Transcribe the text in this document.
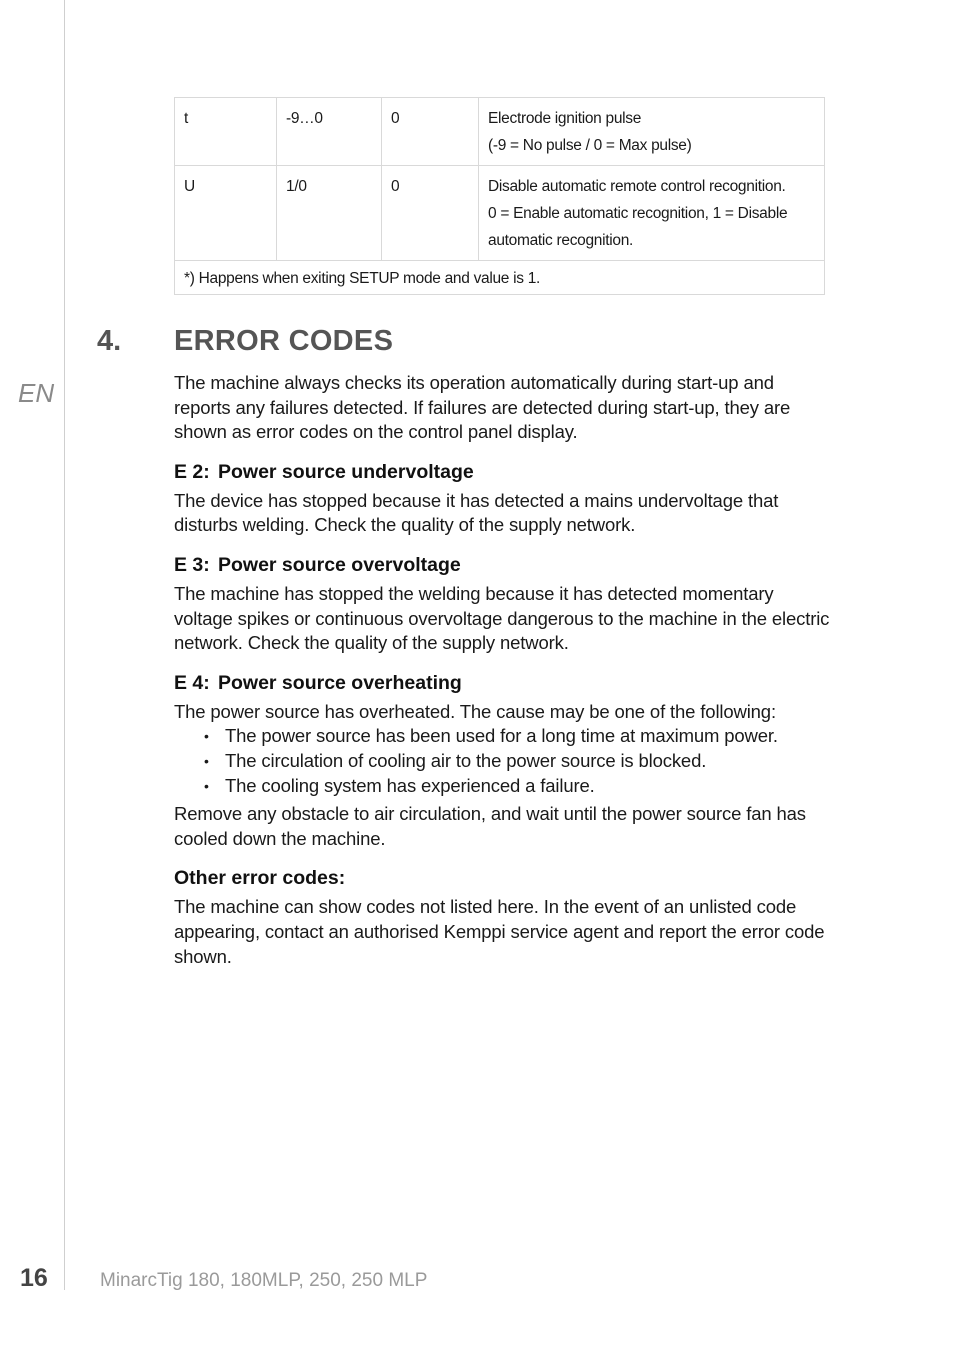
EN
t	-9…0	0	Electrode ignition pulse
(-9 = No pulse / 0 = Max pulse)

U	1/0	0	Disable automatic remote control recognition.
0 = Enable automatic recognition, 1 = Disable
automatic recognition.

*) Happens when exiting SETUP mode and value is 1.			
4. ERROR CODES

The machine always checks its operation automatically during start-up and reports any failures detected. If failures are detected during start-up, they are shown as error codes on the control panel display.

E 2: Power source undervoltage

The device has stopped because it has detected a mains undervoltage that disturbs welding. Check the quality of the supply network.

E 3: Power source overvoltage

The machine has stopped the welding because it has detected momentary voltage spikes or continuous overvoltage dangerous to the machine in the electric network. Check the quality of the supply network.

E 4: Power source overheating

The power source has overheated. The cause may be one of the following:

• The power source has been used for a long time at maximum power.
• The circulation of cooling air to the power source is blocked.
• The cooling system has experienced a failure.

Remove any obstacle to air circulation, and wait until the power source fan has cooled down the machine.

Other error codes:

The machine can show codes not listed here. In the event of an unlisted code appearing, contact an authorised Kemppi service agent and report the error code shown.

16	MinarcTig 180, 180MLP, 250, 250 MLP
